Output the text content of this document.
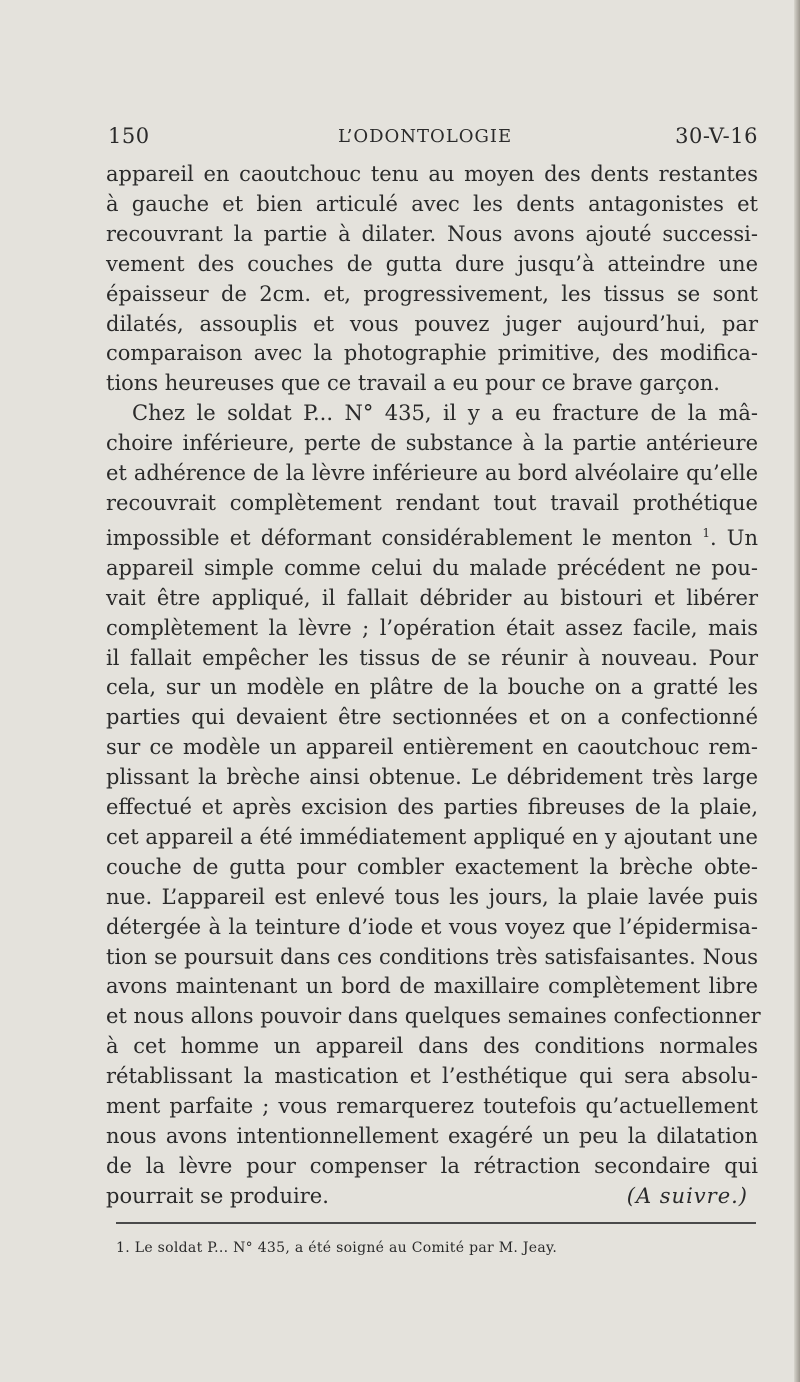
150	L’ODONTOLOGIE	30-V-16
appareil en caoutchouc tenu au moyen des dents restantes
à gauche et bien articulé avec les dents antagonistes et
recouvrant la partie à dilater. Nous avons ajouté successi-
vement des couches de gutta dure jusqu’à atteindre une
épaisseur de 2cm. et, progressivement, les tissus se sont
dilatés, assouplis et vous pouvez juger aujourd’hui, par
comparaison avec la photographie primitive, des modifica-
tions heureuses que ce travail a eu pour ce brave garçon.
Chez le soldat P... N° 435, il y a eu fracture de la mâ-
choire inférieure, perte de substance à la partie antérieure
et adhérence de la lèvre inférieure au bord alvéolaire qu’elle
recouvrait complètement rendant tout travail prothétique
impossible et déformant considérablement le menton $^1$. Un
appareil simple comme celui du malade précédent ne pou-
vait être appliqué, il fallait débrider au bistouri et libérer
complètement la lèvre ; l’opération était assez facile, mais
il fallait empêcher les tissus de se réunir à nouveau. Pour
cela, sur un modèle en plâtre de la bouche on a gratté les
parties qui devaient être sectionnées et on a confectionné
sur ce modèle un appareil entièrement en caoutchouc rem-
plissant la brèche ainsi obtenue. Le débridement très large
effectué et après excision des parties fibreuses de la plaie,
cet appareil a été immédiatement appliqué en y ajoutant une
couche de gutta pour combler exactement la brèche obte-
nue. L’appareil est enlevé tous les jours, la plaie lavée puis
détergée à la teinture d’iode et vous voyez que l’épidermisa-
tion se poursuit dans ces conditions très satisfaisantes. Nous
avons maintenant un bord de maxillaire complètement libre
et nous allons pouvoir dans quelques semaines confectionner
à cet homme un appareil dans des conditions normales
rétablissant la mastication et l’esthétique qui sera absolu-
ment parfaite ; vous remarquerez toutefois qu’actuellement
nous avons intentionnellement exagéré un peu la dilatation
de la lèvre pour compenser la rétraction secondaire qui
pourrait se produire.	(A suivre.)
1. Le soldat P... N° 435, a été soigné au Comité par M. Jeay.
